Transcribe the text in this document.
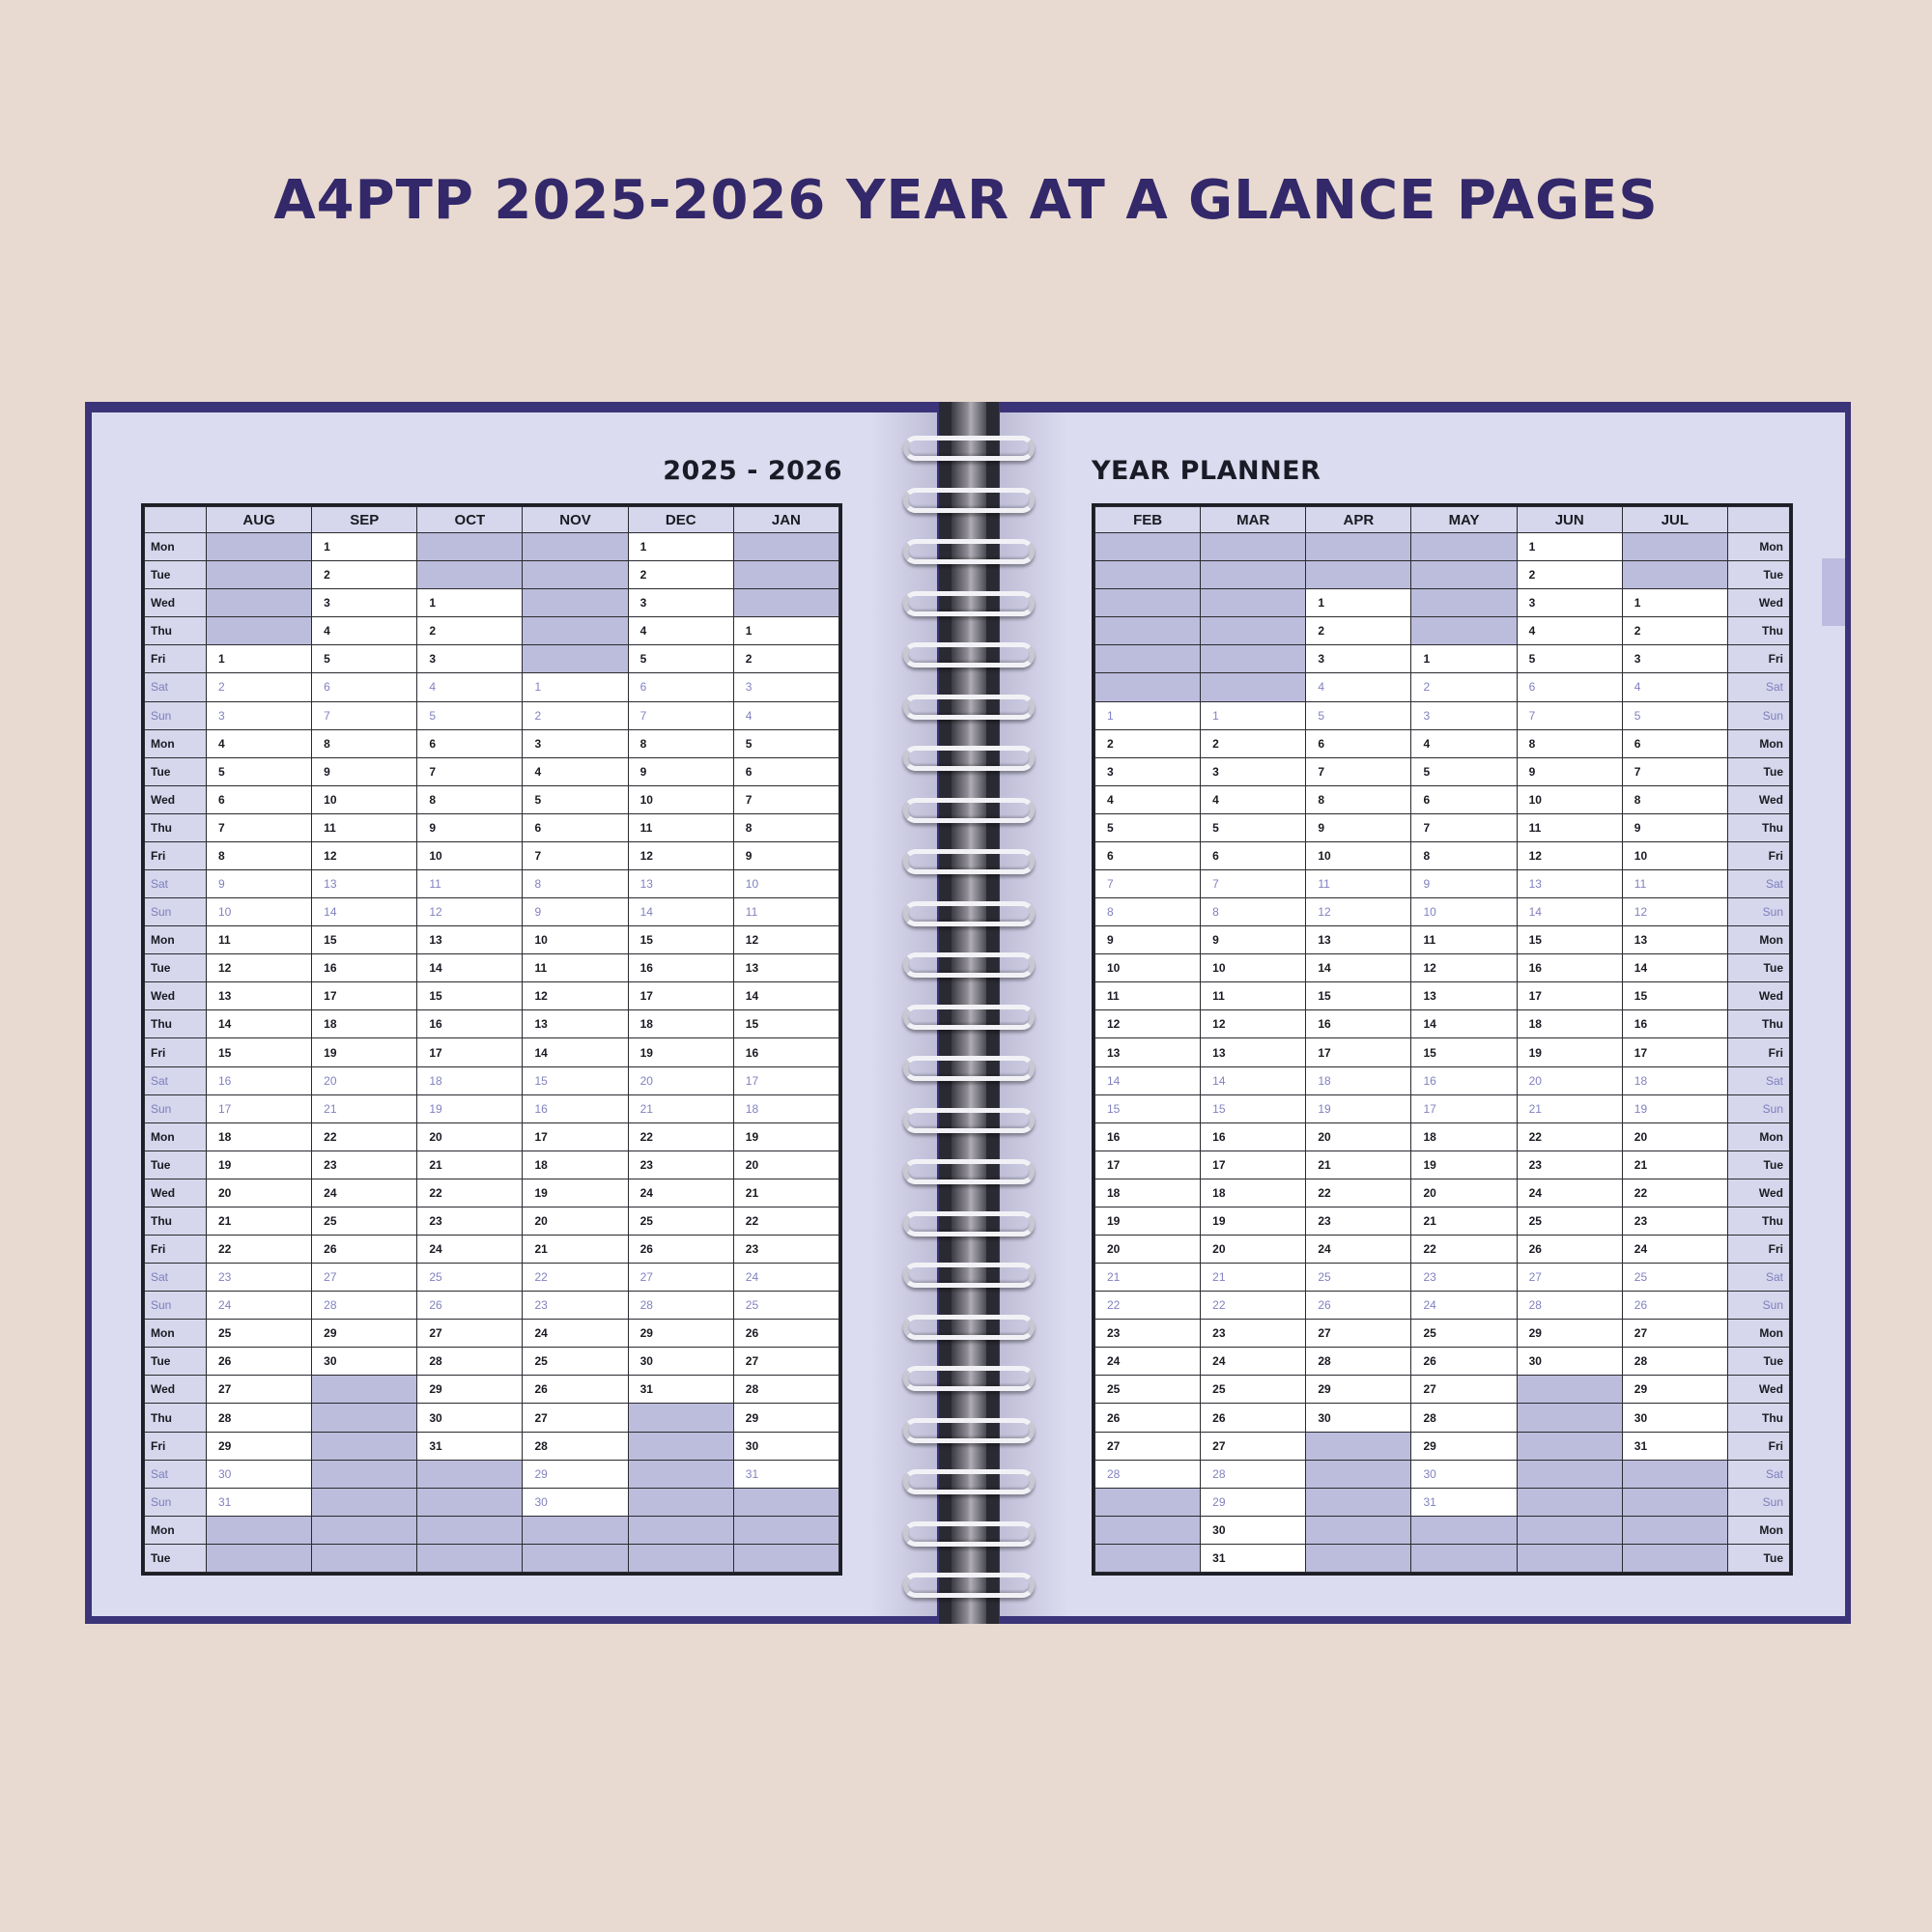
A4PTP 2025-2026 YEAR AT A GLANCE PAGES
2025 - 2026	YEAR PLANNER
	AUG	SEP	OCT	NOV	DEC	JAN
Mon		1			1	
Tue		2			2	
Wed		3	1		3	
Thu		4	2		4	1
Fri	1	5	3		5	2
Sat	2	6	4	1	6	3
Sun	3	7	5	2	7	4
Mon	4	8	6	3	8	5
Tue	5	9	7	4	9	6
Wed	6	10	8	5	10	7
Thu	7	11	9	6	11	8
Fri	8	12	10	7	12	9
Sat	9	13	11	8	13	10
Sun	10	14	12	9	14	11
Mon	11	15	13	10	15	12
Tue	12	16	14	11	16	13
Wed	13	17	15	12	17	14
Thu	14	18	16	13	18	15
Fri	15	19	17	14	19	16
Sat	16	20	18	15	20	17
Sun	17	21	19	16	21	18
Mon	18	22	20	17	22	19
Tue	19	23	21	18	23	20
Wed	20	24	22	19	24	21
Thu	21	25	23	20	25	22
Fri	22	26	24	21	26	23
Sat	23	27	25	22	27	24
Sun	24	28	26	23	28	25
Mon	25	29	27	24	29	26
Tue	26	30	28	25	30	27
Wed	27		29	26	31	28
Thu	28		30	27		29
Fri	29		31	28		30
Sat	30			29		31
Sun	31			30		
Mon						
Tue						
FEB	MAR	APR	MAY	JUN	JUL	
				1		Mon
				2		Tue
		1		3	1	Wed
		2		4	2	Thu
		3	1	5	3	Fri
		4	2	6	4	Sat
1	1	5	3	7	5	Sun
2	2	6	4	8	6	Mon
3	3	7	5	9	7	Tue
4	4	8	6	10	8	Wed
5	5	9	7	11	9	Thu
6	6	10	8	12	10	Fri
7	7	11	9	13	11	Sat
8	8	12	10	14	12	Sun
9	9	13	11	15	13	Mon
10	10	14	12	16	14	Tue
11	11	15	13	17	15	Wed
12	12	16	14	18	16	Thu
13	13	17	15	19	17	Fri
14	14	18	16	20	18	Sat
15	15	19	17	21	19	Sun
16	16	20	18	22	20	Mon
17	17	21	19	23	21	Tue
18	18	22	20	24	22	Wed
19	19	23	21	25	23	Thu
20	20	24	22	26	24	Fri
21	21	25	23	27	25	Sat
22	22	26	24	28	26	Sun
23	23	27	25	29	27	Mon
24	24	28	26	30	28	Tue
25	25	29	27		29	Wed
26	26	30	28		30	Thu
27	27		29		31	Fri
28	28		30			Sat
	29		31			Sun
	30					Mon
	31					Tue
